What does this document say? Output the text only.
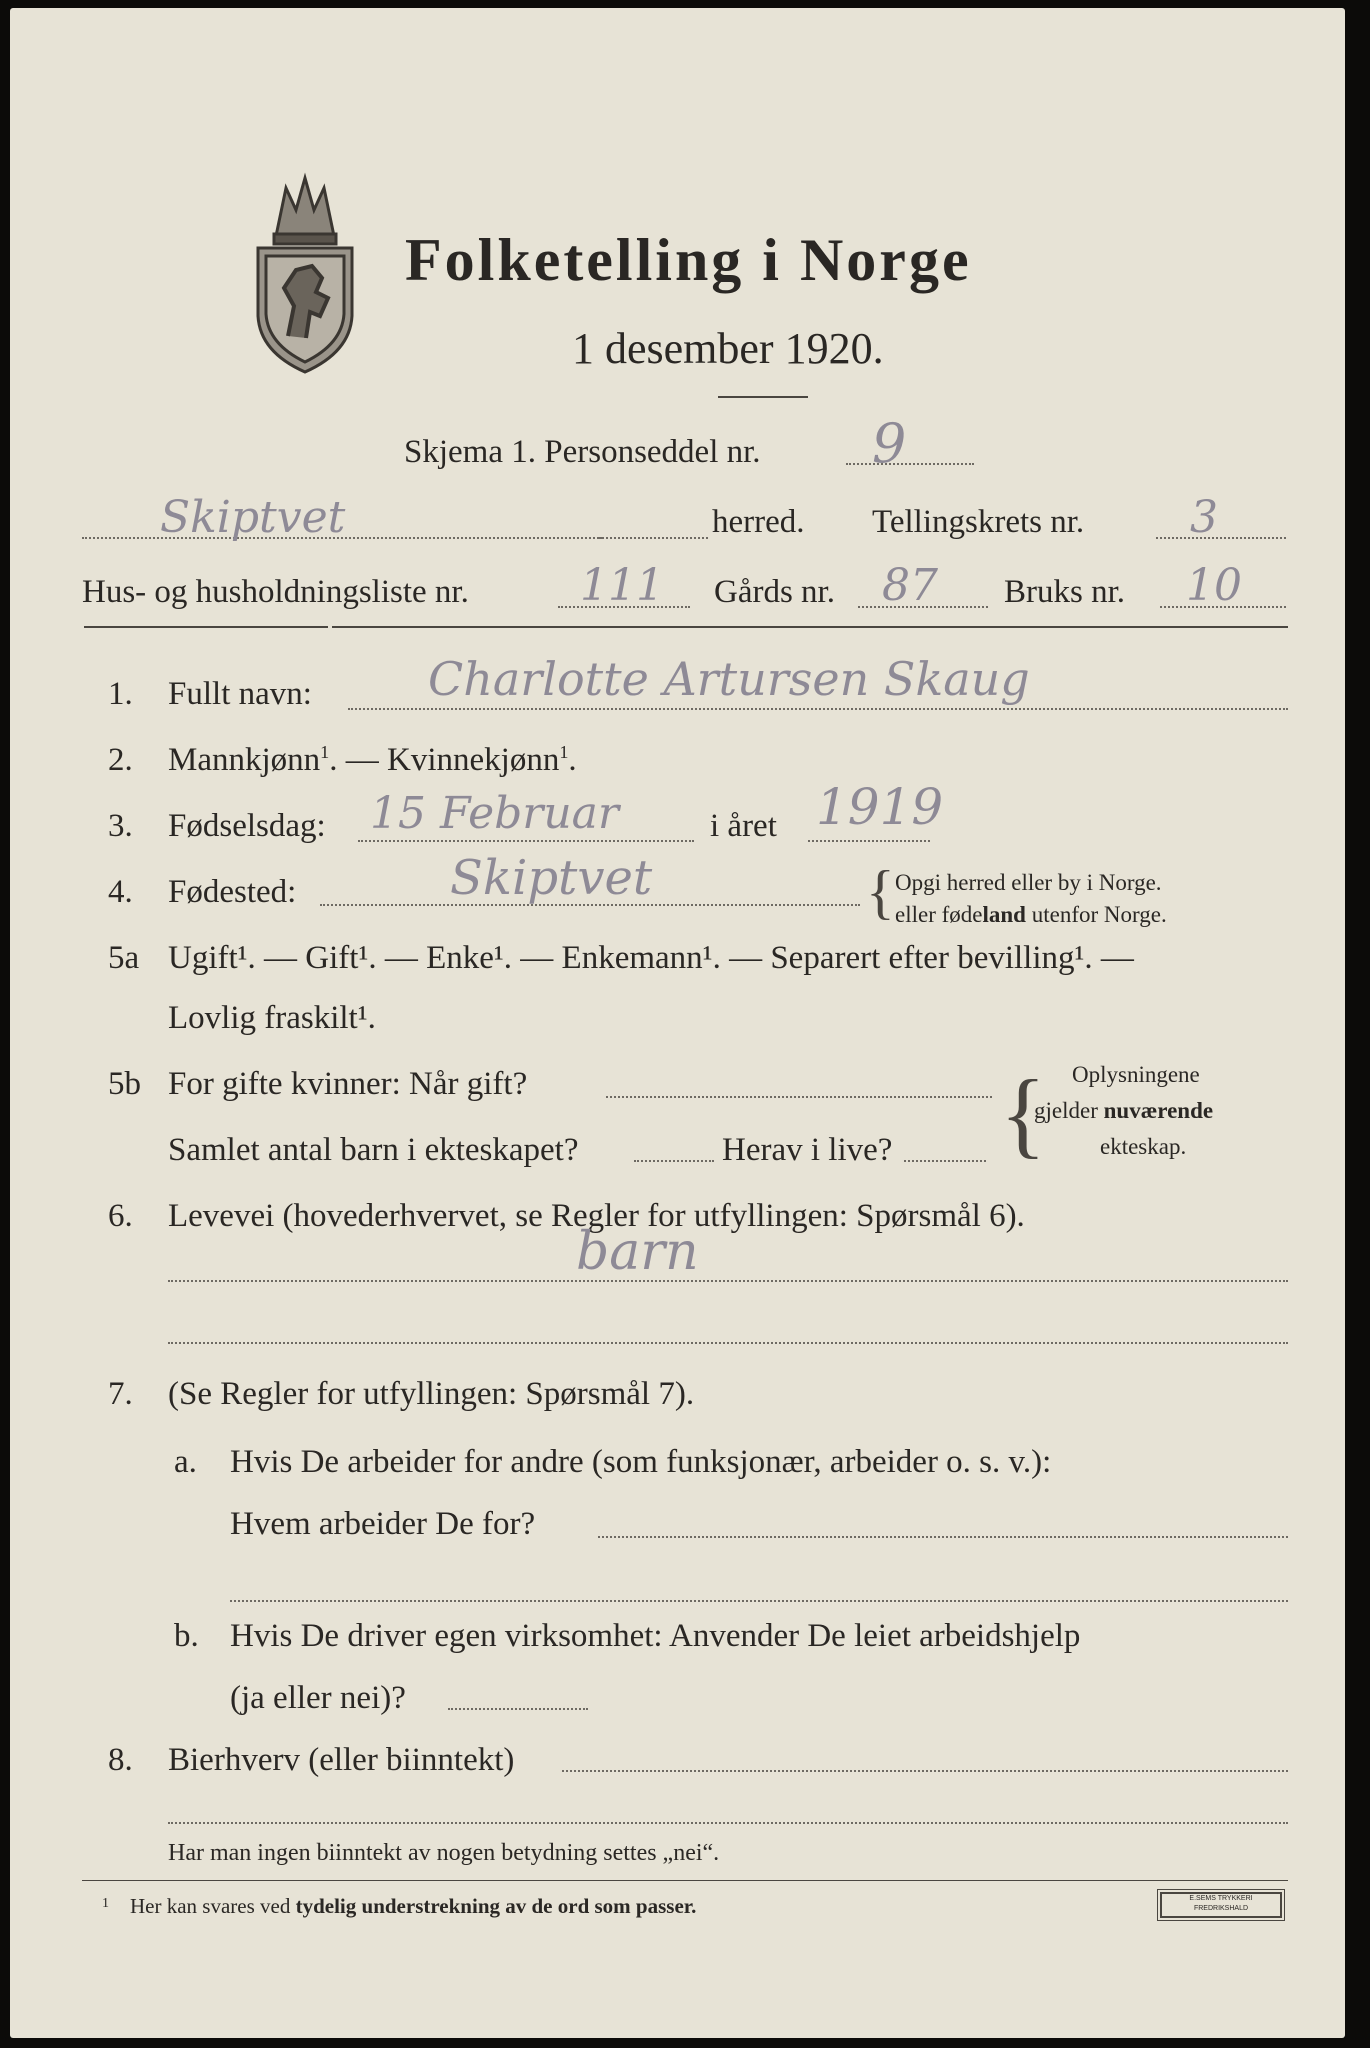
Folketelling i Norge
1 desember 1920.
Skjema 1. Personseddel nr. 9
Skiptvet	herred. Tellingskrets nr. 3
Hus- og husholdningsliste nr.	111 Gårds nr. 87 Bruks nr. 10
1. Fullt navn:	Charlotte Artursen Skaug
2. Mannkjønn$^1$. — Kvinnekjønn$^1$.
3. Fødselsdag: 15 Februar	i året 1919
4. Fødested:	Skiptvet	{ Opgi herred eller by i Norge.
eller fødeland utenfor Norge.
5a Ugift¹. — Gift¹. — Enke¹. — Enkemann¹. — Separert efter bevilling¹. —
Lovlig fraskilt¹.
5b For gifte kvinner: Når gift?
Samlet antal barn i ekteskapet?	Herav i live? { Oplysningene
gjelder nuværende
ekteskap.
6. Levevei (hovederhvervet, se Regler for utfyllingen: Spørsmål 6).
barn
7. (Se Regler for utfyllingen: Spørsmål 7).
a. Hvis De arbeider for andre (som funksjonær, arbeider o. s. v.):
Hvem arbeider De for?
b. Hvis De driver egen virksomhet: Anvender De leiet arbeidshjelp
(ja eller nei)?
8. Bierhverv (eller biinntekt)
Har man ingen biinntekt av nogen betydning settes „nei“.
1 Her kan svares ved tydelig understrekning av de ord som passer.	E.SEMS TRYKKERI FREDRIKSHALD
